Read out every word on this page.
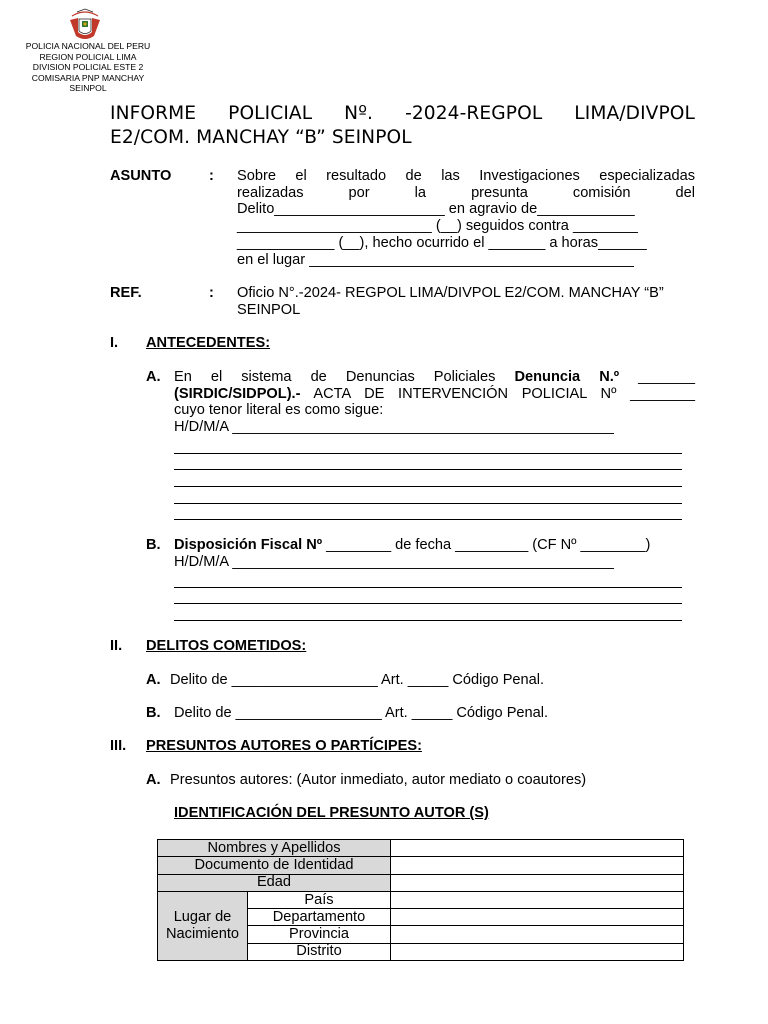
POLICIA NACIONAL DEL PERU
REGION POLICIAL LIMA
DIVISION POLICIAL ESTE 2
COMISARIA PNP MANCHAY
SEINPOL
INFORME POLICIAL Nº. -2024-REGPOL LIMA/DIVPOL
E2/COM. MANCHAY “B” SEINPOL
ASUNTO	: Sobre el resultado de las Investigaciones especializadas
realizadas por la presunta comisión del
Delito_____________________ en agravio de____________
________________________ (__) seguidos contra ________
____________ (__), hecho ocurrido el _______ a horas______
en el lugar ________________________________________
REF.	: Oficio N°.-2024- REGPOL LIMA/DIVPOL E2/COM. MANCHAY “B” SEINPOL
I. ANTECEDENTES:
A. En el sistema de Denuncias Policiales Denuncia N.º _______
(SIRDIC/SIDPOL).- ACTA DE INTERVENCIÓN POLICIAL Nº ________
cuyo tenor literal es como sigue:
H/D/M/A _______________________________________________
B. Disposición Fiscal Nº ________ de fecha _________ (CF Nº ________)
H/D/M/A _______________________________________________
II. DELITOS COMETIDOS:
A. Delito de __________________ Art. _____ Código Penal.
B. Delito de __________________ Art. _____ Código Penal.
III. PRESUNTOS AUTORES O PARTÍCIPES:
A. Presuntos autores: (Autor inmediato, autor mediato o coautores)
IDENTIFICACIÓN DEL PRESUNTO AUTOR (S)
Nombres y Apellidos		
Documento de Identidad		
Edad		
Lugar de Nacimiento	País	
	Departamento	
	Provincia	
	Distrito	
